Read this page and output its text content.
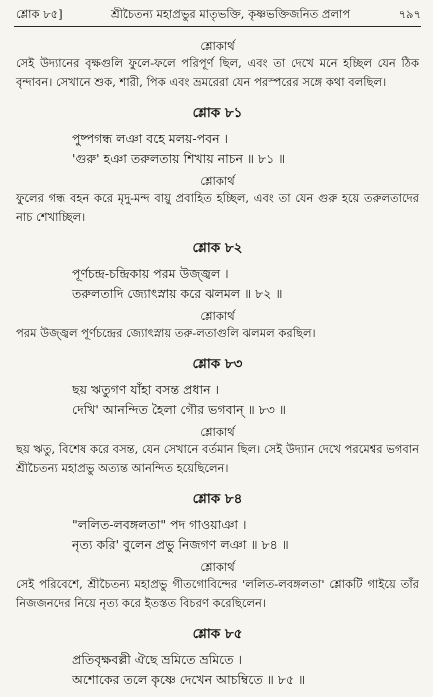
শ্লোক ৮৫]	শ্রীচৈতন্য মহাপ্রভুর মাতৃভক্তি, কৃষ্ণভক্তিজনিত প্রলাপ	৭৯৭
শ্লোকার্থ

সেই উদ্যানের বৃক্ষগুলি ফুলে-ফলে পরিপূর্ণ ছিল, এবং তা দেখে মনে হচ্ছিল যেন ঠিক বৃন্দাবন। সেখানে শুক, শারী, পিক এবং ভ্রমরেরা যেন পরস্পরের সঙ্গে কথা বলছিল।

শ্লোক ৮১
পুষ্পগন্ধ লঞা বহে মলয়-পবন ।
'গুরু' হঞা তরুলতায় শিখায় নাচন ॥ ৮১ ॥
শ্লোকার্থ

ফুলের গন্ধ বহন করে মৃদু-মন্দ বায়ু প্রবাহিত হচ্ছিল, এবং তা যেন গুরু হয়ে তরুলতাদের নাচ শেখাচ্ছিল।

শ্লোক ৮২
পূর্ণচন্দ্র-চন্দ্রিকায় পরম উজ্জ্বল ।
তরুলতাদি জ্যোৎস্নায় করে ঝলমল ॥ ৮২ ॥
শ্লোকার্থ

পরম উজ্জ্বল পূর্ণচন্দ্রের জ্যোৎস্নায় তরু-লতাগুলি ঝলমল করছিল।

শ্লোক ৮৩
ছয় ঋতুগণ যাঁহা বসন্ত প্রধান ।
দেখি' আনন্দিত হৈলা গৌর ভগবান্ ॥ ৮৩ ॥
শ্লোকার্থ

ছয় ঋতু, বিশেষ করে বসন্ত, যেন সেখানে বর্তমান ছিল। সেই উদ্যান দেখে পরমেশ্বর ভগবান শ্রীচৈতন্য মহাপ্রভু অত্যন্ত আনন্দিত হয়েছিলেন।

শ্লোক ৮৪
"ললিত-লবঙ্গলতা" পদ গাওয়াঞা ।
নৃত্য করি' বুলেন প্রভু নিজগণ লঞা ॥ ৮৪ ॥
শ্লোকার্থ

সেই পরিবেশে, শ্রীচৈতন্য মহাপ্রভু গীতগোবিন্দের 'ললিত-লবঙ্গলতা' শ্লোকটি গাইয়ে তাঁর নিজজনদের নিয়ে নৃত্য করে ইতস্তত বিচরণ করেছিলেন।

শ্লোক ৮৫
প্রতিবৃক্ষবল্লী ঐছে ভ্রমিতে ভ্রমিতে ।
অশোকের তলে কৃষ্ণে দেখেন আচম্বিতে ॥ ৮৫ ॥
